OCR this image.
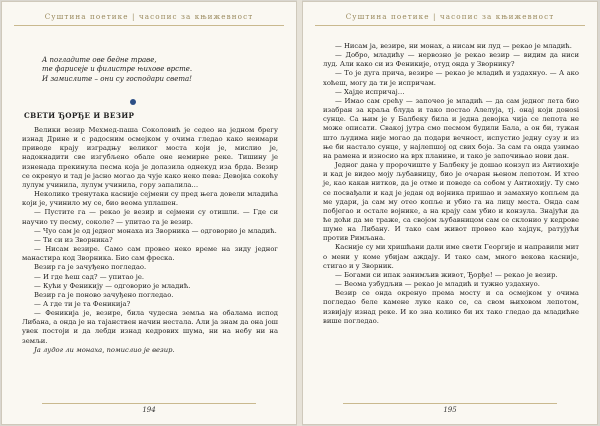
Суштина поетике | часопис за књижевност
А погладите ове бедне траве,
те фарисеје и филистре њихове врсте.
И замислите – они су господари света!
СВЕТИ ЂОРЂЕ И ВЕЗИР

Велики везир Мехмед-паша Соколовић је седео на једном брегу изнад Дрине и с радосним осмејком у очима гледао како неимари приводе крају изградњу великог моста који је, мислио је, надокнадити све изгубљено обале оне немирне реке. Тишину је изненада прекинула песма која је долазила однекуд иза брда. Везир се окренуо и тад је јасно могао да чује како неко пева: Девојка сокоћу лулум учинила, лулум учинила, гору запалила…

Неколико тренутака касније сејмени су пред њега довели младића који је, учинило му се, био веома уплашен.

— Пустите га — рекао је везир и сејмени су отишли. — Где си научио ту песму, соколе? — упитао га је везир.

— Чуо сам је од једног монаха из Зворника — одговорио је младић.

— Ти си из Зворника?

— Нисам везире. Само сам провео неко време на зиду једног манастира код Зворника. Био сам фреска.

Везир га је зачуђено погледао.

— И где ћеш сад? — упитао је.

— Кући у Феникију — одговорио је младић.

Везир га је поново зачуђено погледао.

— А где ти је та Феникија?

— Феникија је, везире, била чудесна земља на обалама испод Либана, а онда је на тајанствен начин нестала. Али ја знам да она још увек постоји и да лебди изнад кедрових шума, ни на небу ни на земљи.

Ја лудог ли монаха, помислио је везир.

194
Суштина поетике | часопис за књижевност

— Нисам ја, везире, ни монах, а нисам ни луд — рекао је младић.

— Добро, младићу — нервозно је рекао везир — видим да ниси луд. Али како си из Феникије, отуд онда у Зворнику?

— То је дуга прича, везире — рекао је младић и уздахнуо. — А ако хоћеш, могу да ти је испричам.

— Хајде испричај…

— Имао сам срећу — започео је младић — да сам једног лета био изабран за краља блуда и тако постао Алелуја, тј. онај који донosi сунце. Са њим је у Балбеку била и једна девојка чија се лепота не може описати. Свакоj јутра смо песмом будили Бала, а он би, тужан што људима није могао да подари вечност, испустио једну сузу и из ње би настало сунце, у најлепшој од свих боја. За сам га онда узимао на рамена и износио на врх планине, и тако је започињао нови дан.

Једног дана у пророчиште у Балбеку је дошао конзул из Антиохије и кад је видео мoју љубавницу, био је очаран њеном лепотом. И хтео је, као какав нитков, да је отме и поведе са собом у Антиохију. Ту смо се посвађали и кад је један од војника пришао и замахнуо копљем да ме удари, ја сам му отео копље и убио га на лицу места. Онда сам побјегао и остале војнике, а на крају сам убио и конзула. Знајући да ће доћи да ме траже, са својом љубавницом сам се склонио у кедрове шуме на Либану. И тако сам живот провео као хајдук, ратујући против Римљана.

Касније су ми хришћани дали име свети Георгије и направили мит о мени у коме убијам аждају. И тако сам, много векова касније, стигао и у Зворник.

— Богами си ипак занимљив живот, Ђорђе! — рекао је везир.

— Веома узбудљив — рекао је младић и тужно уздахнуо.

Везир се онда окренуо према мосту и са осмејком у очима погледао беле камене луке како се, са свом њиховом лепотом, извијају изнад реке. И ко зна колико би их тако гледао да младићне више погледао.

195
